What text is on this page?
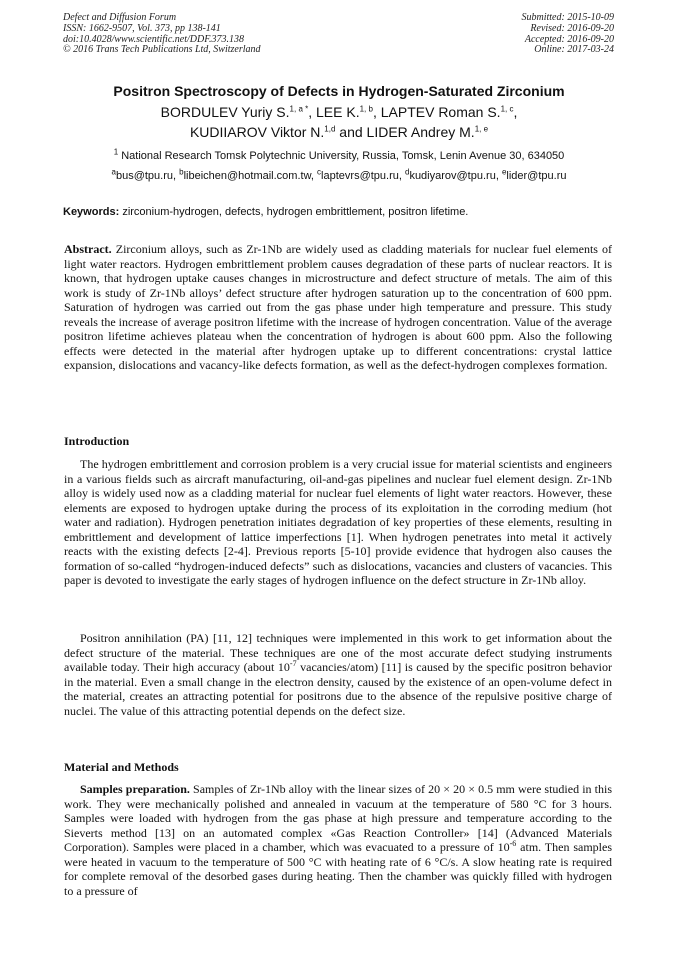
Defect and Diffusion Forum
ISSN: 1662-9507, Vol. 373, pp 138-141
doi:10.4028/www.scientific.net/DDF.373.138
© 2016 Trans Tech Publications Ltd, Switzerland
Submitted: 2015-10-09
Revised: 2016-09-20
Accepted: 2016-09-20
Online: 2017-03-24
Positron Spectroscopy of Defects in Hydrogen-Saturated Zirconium
BORDULEV Yuriy S.$^{1, a *}$, LEE K.$^{1, b}$, LAPTEV Roman S.$^{1, c}$,
KUDIIAROV Viktor N.$^{1,d}$ and LIDER Andrey M.$^{1, e}$
$^1$ National Research Tomsk Polytechnic University, Russia, Tomsk, Lenin Avenue 30, 634050
$^a$bus@tpu.ru, $^b$libeichen@hotmail.com.tw, $^c$laptevrs@tpu.ru, $^d$kudiyarov@tpu.ru, $^e$lider@tpu.ru
Keywords: zirconium-hydrogen, defects, hydrogen embrittlement, positron lifetime.

Abstract. Zirconium alloys, such as Zr-1Nb are widely used as cladding materials for nuclear fuel elements of light water reactors. Hydrogen embrittlement problem causes degradation of these parts of nuclear reactors. It is known, that hydrogen uptake causes changes in microstructure and defect structure of metals. The aim of this work is study of Zr-1Nb alloys’ defect structure after hydrogen saturation up to the concentration of 600 ppm. Saturation of hydrogen was carried out from the gas phase under high temperature and pressure. This study reveals the increase of average positron lifetime with the increase of hydrogen concentration. Value of the average positron lifetime achieves plateau when the concentration of hydrogen is about 600 ppm. Also the following effects were detected in the material after hydrogen uptake up to different concentrations: crystal lattice expansion, dislocations and vacancy-like defects formation, as well as the defect-hydrogen complexes formation.

Introduction

The hydrogen embrittlement and corrosion problem is a very crucial issue for material scientists and engineers in a various fields such as aircraft manufacturing, oil-and-gas pipelines and nuclear fuel element design. Zr-1Nb alloy is widely used now as a cladding material for nuclear fuel elements of light water reactors. However, these elements are exposed to hydrogen uptake during the process of its exploitation in the corroding medium (hot water and radiation). Hydrogen penetration initiates degradation of key properties of these elements, resulting in embrittlement and development of lattice imperfections [1]. When hydrogen penetrates into metal it actively reacts with the existing defects [2-4]. Previous reports [5-10] provide evidence that hydrogen also causes the formation of so-called “hydrogen-induced defects” such as dislocations, vacancies and clusters of vacancies. This paper is devoted to investigate the early stages of hydrogen influence on the defect structure in Zr-1Nb alloy.

Positron annihilation (PA) [11, 12] techniques were implemented in this work to get information about the defect structure of the material. These techniques are one of the most accurate defect studying instruments available today. Their high accuracy (about $10^{-7}$ vacancies/atom) [11] is caused by the specific positron behavior in the material. Even a small change in the electron density, caused by the existence of an open-volume defect in the material, creates an attracting potential for positrons due to the absence of the repulsive positive charge of nuclei. The value of this attracting potential depends on the defect size.

Material and Methods

Samples preparation. Samples of Zr-1Nb alloy with the linear sizes of 20 × 20 × 0.5 mm were studied in this work. They were mechanically polished and annealed in vacuum at the temperature of 580 °C for 3 hours. Samples were loaded with hydrogen from the gas phase at high pressure and temperature according to the Sieverts method [13] on an automated complex «Gas Reaction Controller» [14] (Advanced Materials Corporation). Samples were placed in a chamber, which was evacuated to a pressure of $10^{-6}$ atm. Then samples were heated in vacuum to the temperature of 500 °C with heating rate of 6 °C/s. A slow heating rate is required for complete removal of the desorbed gases during heating. Then the chamber was quickly filled with hydrogen to a pressure of
